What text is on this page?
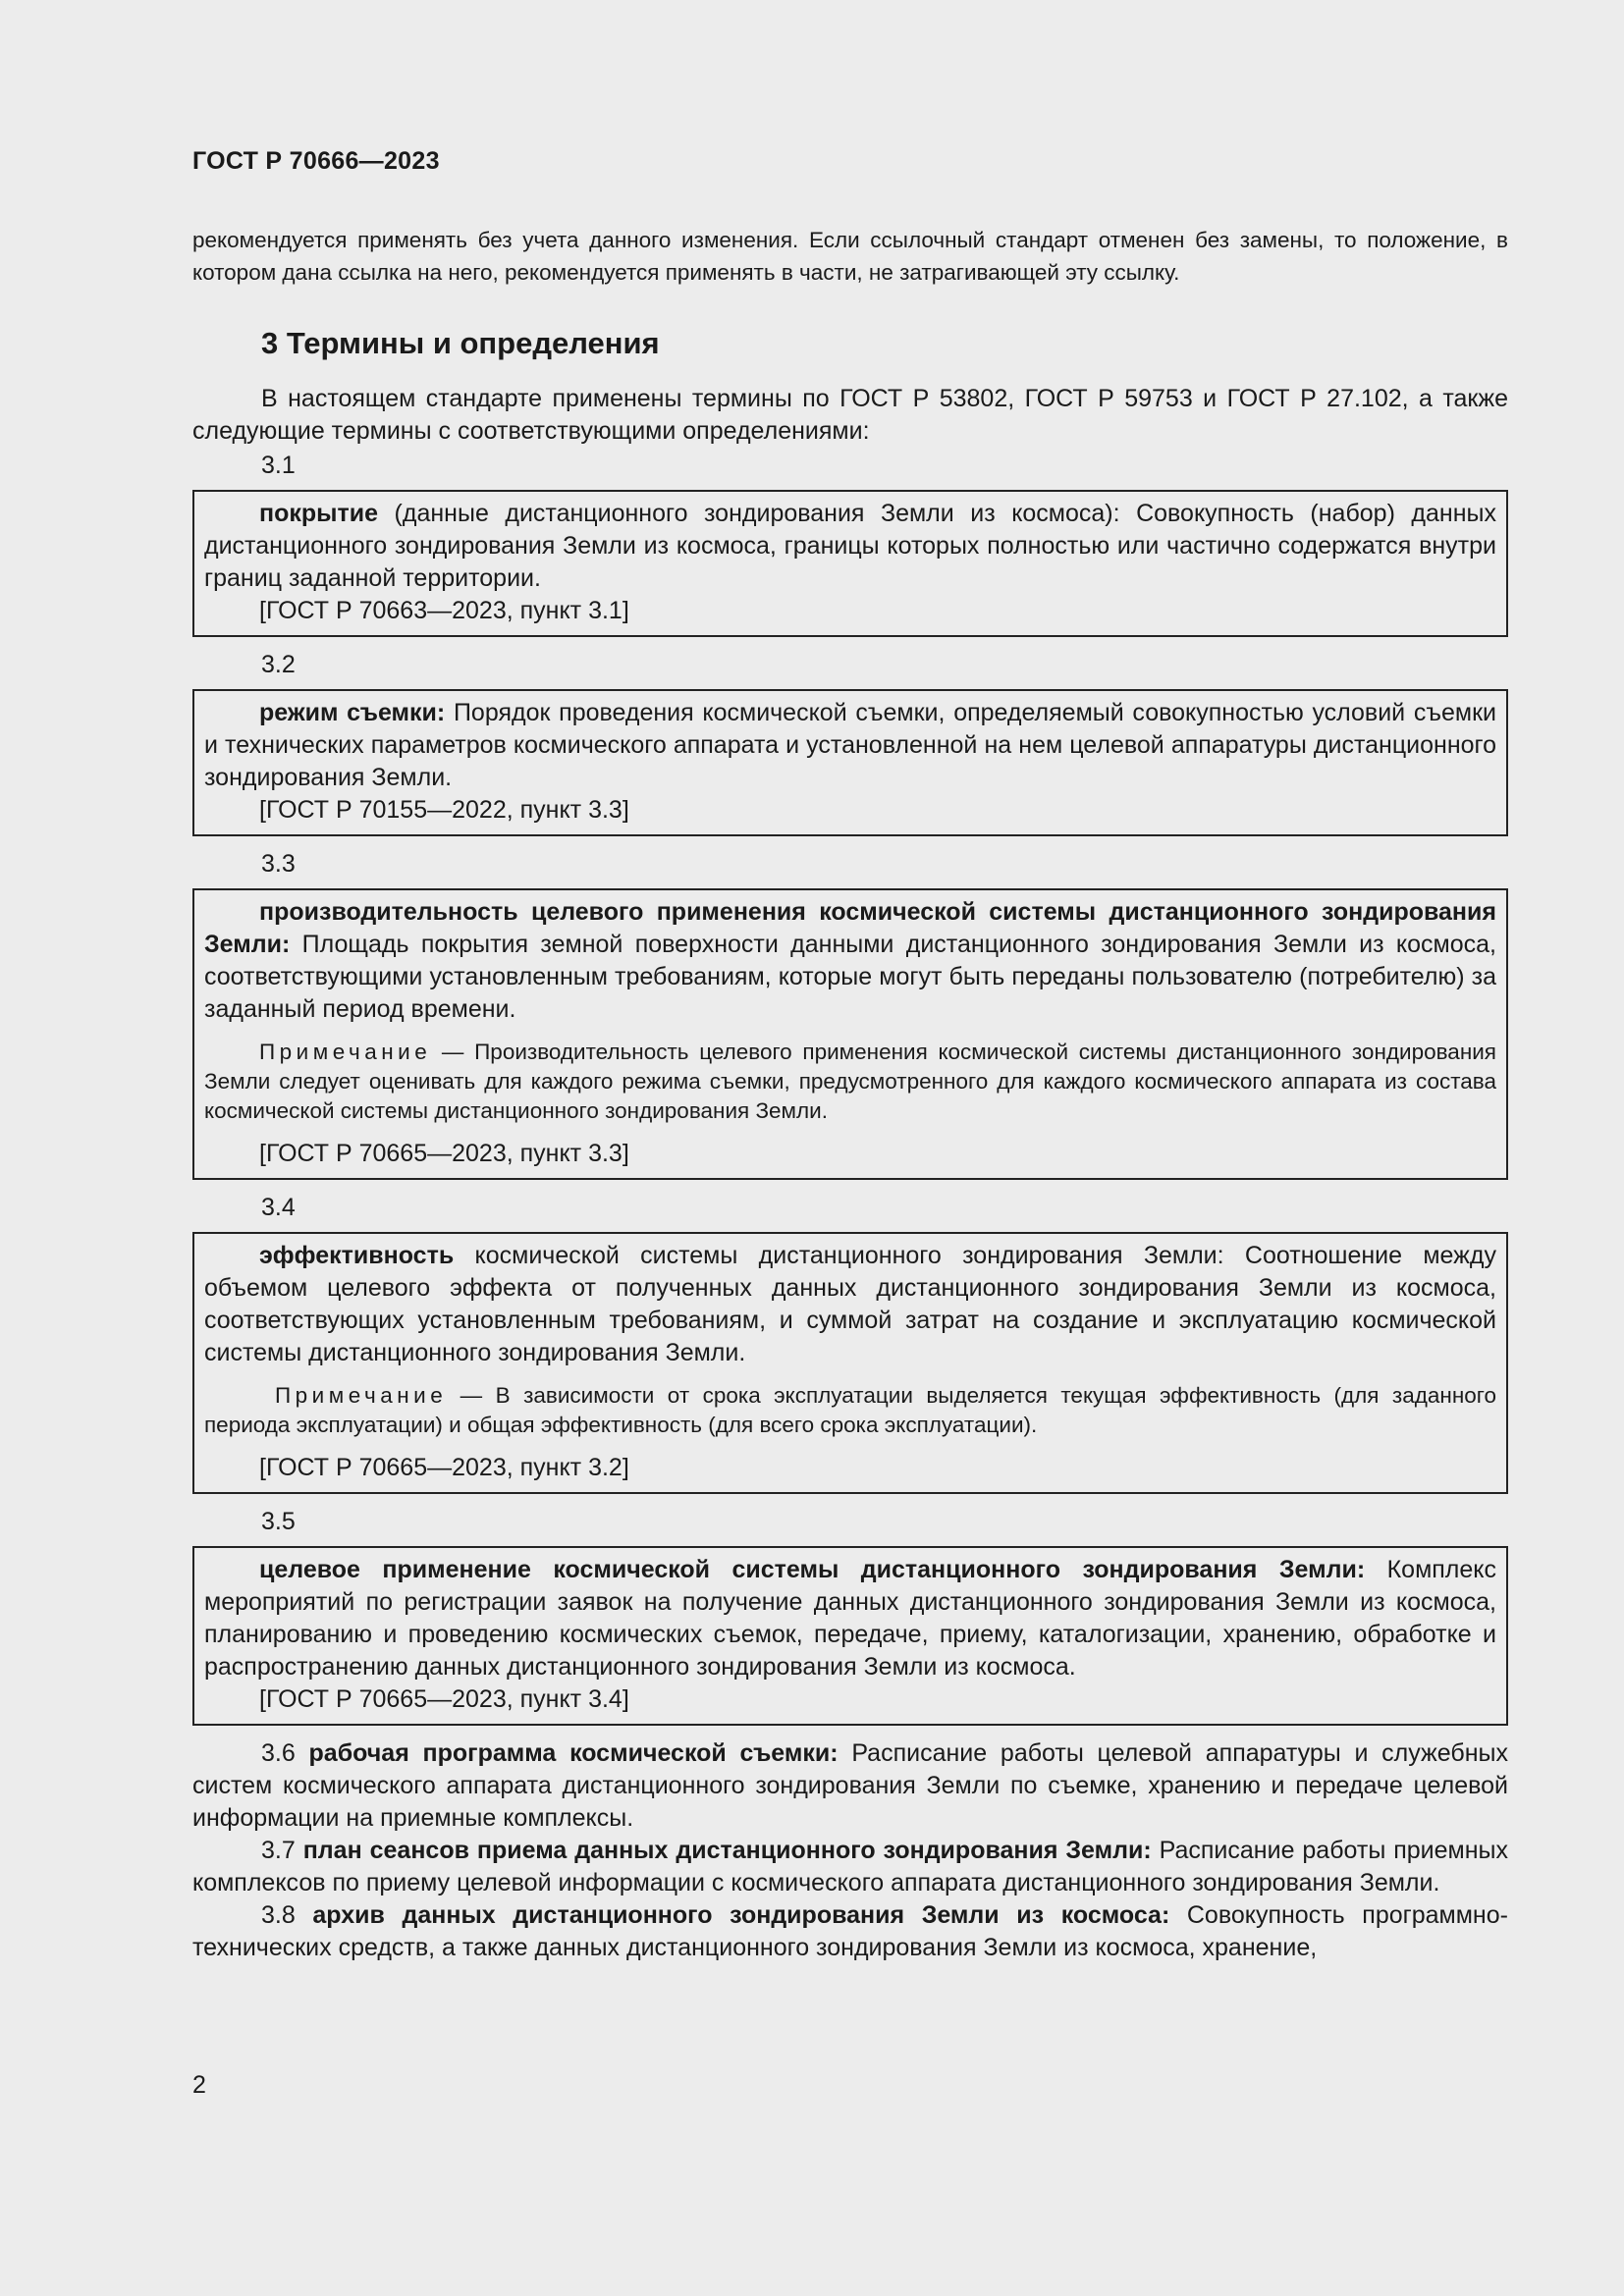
ГОСТ Р 70666—2023

рекомендуется применять без учета данного изменения. Если ссылочный стандарт отменен без замены, то положение, в котором дана ссылка на него, рекомендуется применять в части, не затрагивающей эту ссылку.

3 Термины и определения

В настоящем стандарте применены термины по ГОСТ Р 53802, ГОСТ Р 59753 и ГОСТ Р 27.102, а также следующие термины с соответствующими определениями:

3.1

покрытие (данные дистанционного зондирования Земли из космоса): Совокупность (набор) данных дистанционного зондирования Земли из космоса, границы которых полностью или частично содержатся внутри границ заданной территории.

[ГОСТ Р 70663—2023, пункт 3.1]

3.2

режим съемки: Порядок проведения космической съемки, определяемый совокупностью условий съемки и технических параметров космического аппарата и установленной на нем целевой аппаратуры дистанционного зондирования Земли.

[ГОСТ Р 70155—2022, пункт 3.3]

3.3

производительность целевого применения космической системы дистанционного зондирования Земли: Площадь покрытия земной поверхности данными дистанционного зондирования Земли из космоса, соответствующими установленным требованиям, которые могут быть переданы пользователю (потребителю) за заданный период времени.

Примечание — Производительность целевого применения космической системы дистанционного зондирования Земли следует оценивать для каждого режима съемки, предусмотренного для каждого космического аппарата из состава космической системы дистанционного зондирования Земли.

[ГОСТ Р 70665—2023, пункт 3.3]

3.4

эффективность космической системы дистанционного зондирования Земли: Соотношение между объемом целевого эффекта от полученных данных дистанционного зондирования Земли из космоса, соответствующих установленным требованиям, и суммой затрат на создание и эксплуатацию космической системы дистанционного зондирования Земли.

Примечание — В зависимости от срока эксплуатации выделяется текущая эффективность (для заданного периода эксплуатации) и общая эффективность (для всего срока эксплуатации).

[ГОСТ Р 70665—2023, пункт 3.2]

3.5

целевое применение космической системы дистанционного зондирования Земли: Комплекс мероприятий по регистрации заявок на получение данных дистанционного зондирования Земли из космоса, планированию и проведению космических съемок, передаче, приему, каталогизации, хранению, обработке и распространению данных дистанционного зондирования Земли из космоса.

[ГОСТ Р 70665—2023, пункт 3.4]

3.6 рабочая программа космической съемки: Расписание работы целевой аппаратуры и служебных систем космического аппарата дистанционного зондирования Земли по съемке, хранению и передаче целевой информации на приемные комплексы.

3.7 план сеансов приема данных дистанционного зондирования Земли: Расписание работы приемных комплексов по приему целевой информации с космического аппарата дистанционного зондирования Земли.

3.8 архив данных дистанционного зондирования Земли из космоса: Совокупность программно-технических средств, а также данных дистанционного зондирования Земли из космоса, хранение,

2
